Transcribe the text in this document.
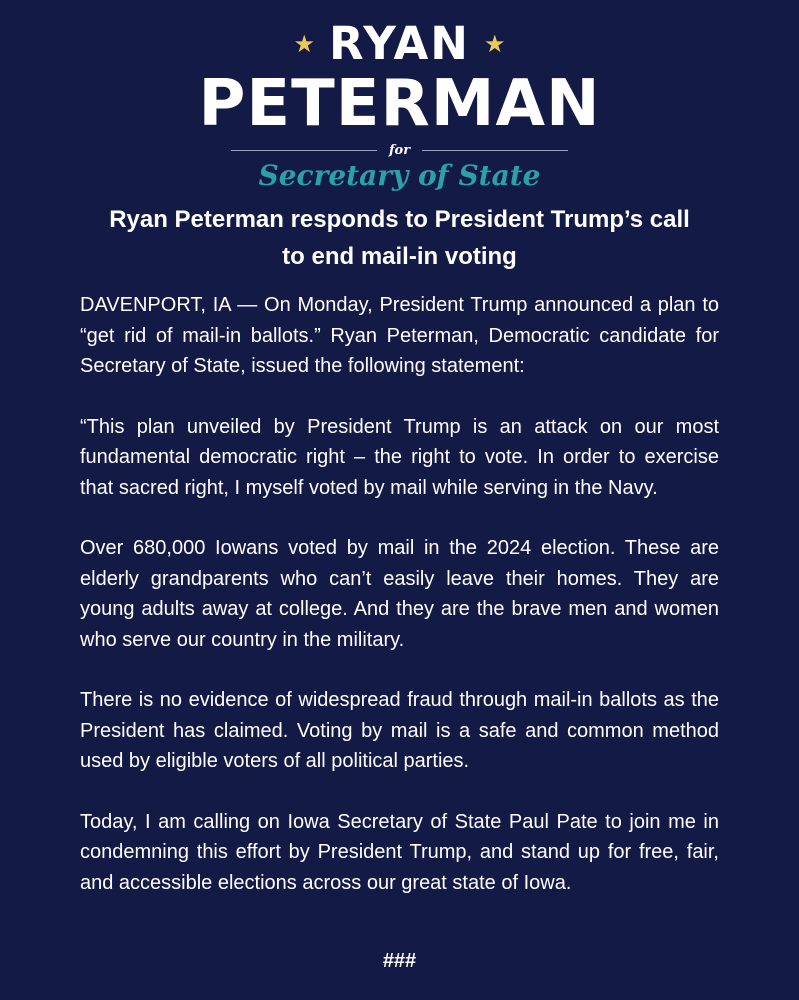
★ RYAN ★
PETERMAN
for
Secretary of State
Ryan Peterman responds to President Trump’s call
to end mail-in voting

DAVENPORT, IA — On Monday, President Trump announced a plan to “get rid of mail-in ballots.” Ryan Peterman, Democratic candidate for Secretary of State, issued the following statement:

“This plan unveiled by President Trump is an attack on our most fundamental democratic right – the right to vote. In order to exercise that sacred right, I myself voted by mail while serving in the Navy.

Over 680,000 Iowans voted by mail in the 2024 election. These are elderly grandparents who can’t easily leave their homes. They are young adults away at college. And they are the brave men and women who serve our country in the military.

There is no evidence of widespread fraud through mail-in ballots as the President has claimed. Voting by mail is a safe and common method used by eligible voters of all political parties.

Today, I am calling on Iowa Secretary of State Paul Pate to join me in condemning this effort by President Trump, and stand up for free, fair, and accessible elections across our great state of Iowa.

###
